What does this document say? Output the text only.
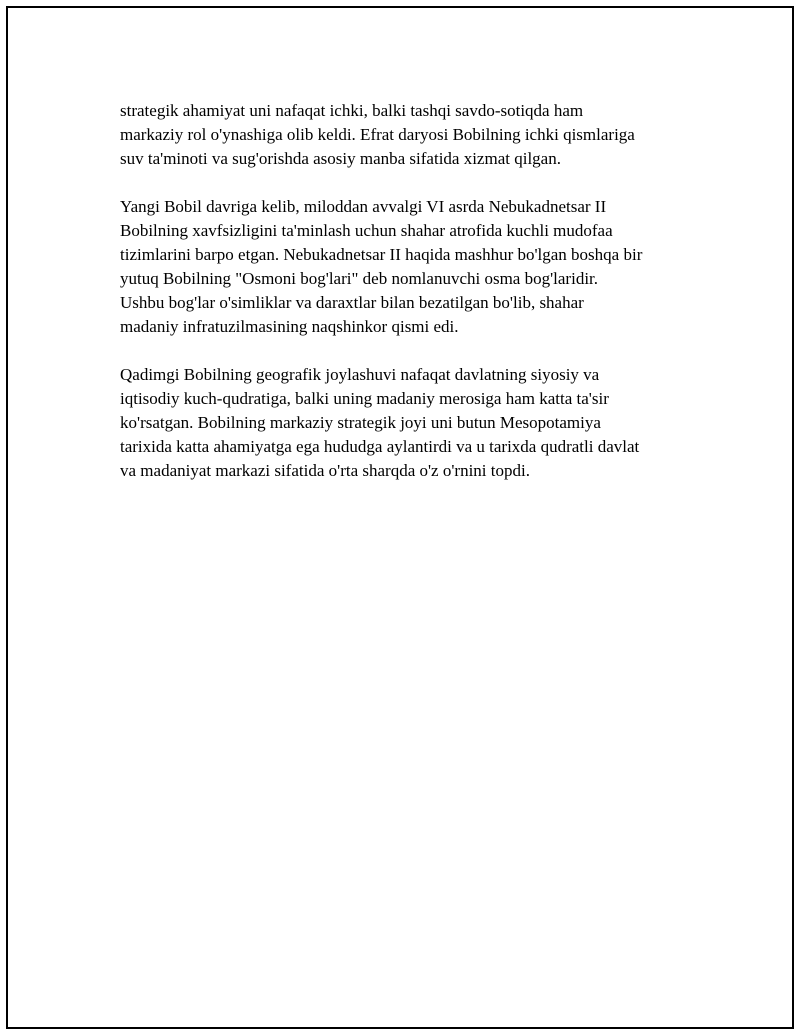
strategik ahamiyat uni nafaqat ichki, balki tashqi savdo-sotiqda ham
markaziy rol o'ynashiga olib keldi. Efrat daryosi Bobilning ichki qismlariga
suv ta'minoti va sug'orishda asosiy manba sifatida xizmat qilgan.

Yangi Bobil davriga kelib, miloddan avvalgi VI asrda Nebukadnetsar II
Bobilning xavfsizligini ta'minlash uchun shahar atrofida kuchli mudofaa
tizimlarini barpo etgan. Nebukadnetsar II haqida mashhur bo'lgan boshqa bir
yutuq Bobilning "Osmoni bog'lari" deb nomlanuvchi osma bog'laridir.
Ushbu bog'lar o'simliklar va daraxtlar bilan bezatilgan bo'lib, shahar
madaniy infratuzilmasining naqshinkor qismi edi.

Qadimgi Bobilning geografik joylashuvi nafaqat davlatning siyosiy va
iqtisodiy kuch-qudratiga, balki uning madaniy merosiga ham katta ta'sir
ko'rsatgan. Bobilning markaziy strategik joyi uni butun Mesopotamiya
tarixida katta ahamiyatga ega hududga aylantirdi va u tarixda qudratli davlat
va madaniyat markazi sifatida o'rta sharqda o'z o'rnini topdi.
